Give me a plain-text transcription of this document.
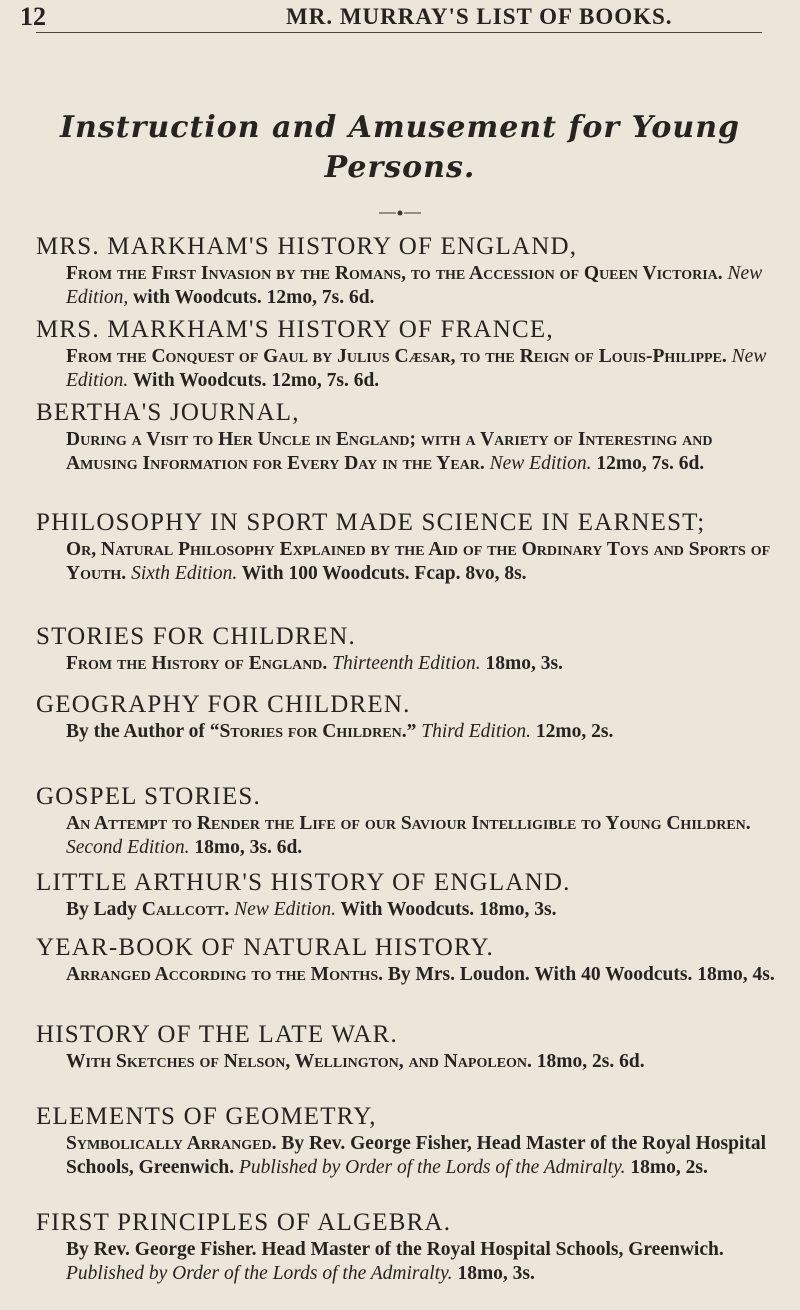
12	MR. MURRAY'S LIST OF BOOKS.
Instruction and Amusement for Young
Persons.
MRS. MARKHAM'S HISTORY OF ENGLAND,
From the First Invasion by the Romans, to the Accession of Queen Victoria. New Edition, with Woodcuts. 12mo, 7s. 6d.
MRS. MARKHAM'S HISTORY OF FRANCE,
From the Conquest of Gaul by Julius Cæsar, to the Reign of Louis-Philippe. New Edition. With Woodcuts. 12mo, 7s. 6d.
BERTHA'S JOURNAL,
During a Visit to Her Uncle in England; with a Variety of Interesting and Amusing Information for Every Day in the Year. New Edition. 12mo, 7s. 6d.
PHILOSOPHY IN SPORT MADE SCIENCE IN EARNEST;
Or, Natural Philosophy Explained by the Aid of the Ordinary Toys and Sports of Youth. Sixth Edition. With 100 Woodcuts. Fcap. 8vo, 8s.
STORIES FOR CHILDREN.
From the History of England. Thirteenth Edition. 18mo, 3s.
GEOGRAPHY FOR CHILDREN.
By the Author of “Stories for Children.” Third Edition. 12mo, 2s.
GOSPEL STORIES.
An Attempt to Render the Life of our Saviour Intelligible to Young Children. Second Edition. 18mo, 3s. 6d.
LITTLE ARTHUR'S HISTORY OF ENGLAND.
By Lady Callcott. New Edition. With Woodcuts. 18mo, 3s.
YEAR-BOOK OF NATURAL HISTORY.
Arranged According to the Months. By Mrs. Loudon. With 40 Woodcuts. 18mo, 4s.
HISTORY OF THE LATE WAR.
With Sketches of Nelson, Wellington, and Napoleon. 18mo, 2s. 6d.
ELEMENTS OF GEOMETRY,
Symbolically Arranged. By Rev. George Fisher, Head Master of the Royal Hospital Schools, Greenwich. Published by Order of the Lords of the Admiralty. 18mo, 2s.
FIRST PRINCIPLES OF ALGEBRA.
By Rev. George Fisher. Head Master of the Royal Hospital Schools, Greenwich. Published by Order of the Lords of the Admiralty. 18mo, 3s.
